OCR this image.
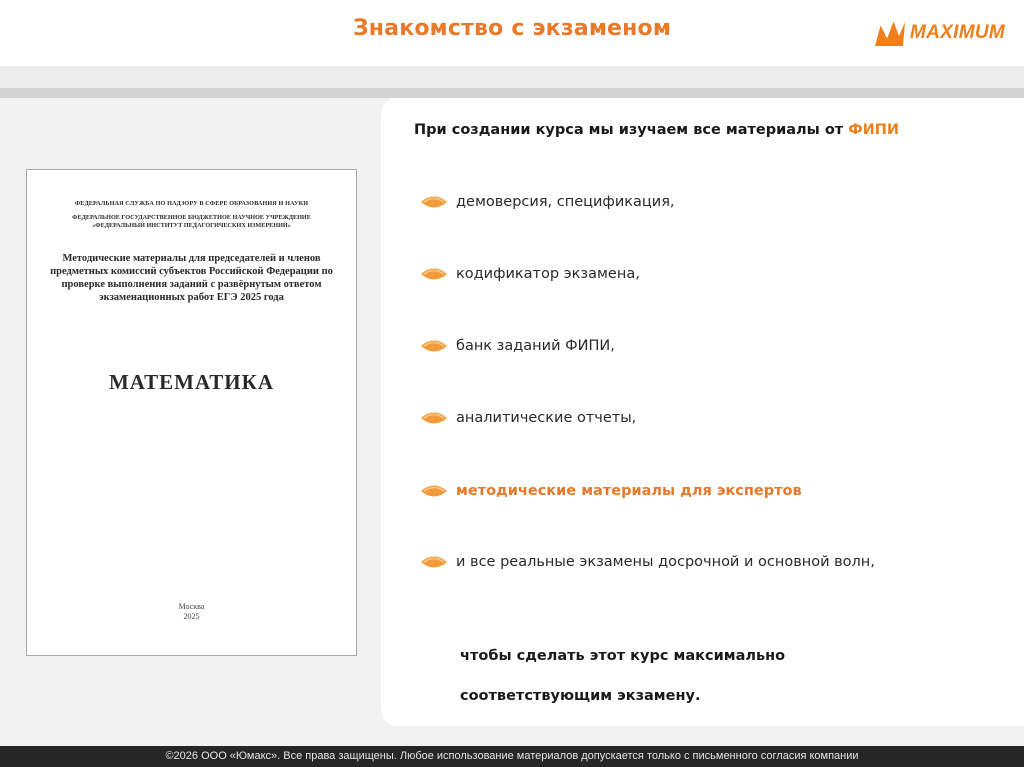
Знакомство с экзаменом	MAXIMUM
ФЕДЕРАЛЬНАЯ СЛУЖБА ПО НАДЗОРУ В СФЕРЕ ОБРАЗОВАНИЯ И НАУКИ
ФЕДЕРАЛЬНОЕ ГОСУДАРСТВЕННОЕ БЮДЖЕТНОЕ НАУЧНОЕ УЧРЕЖДЕНИЕ
«ФЕДЕРАЛЬНЫЙ ИНСТИТУТ ПЕДАГОГИЧЕСКИХ ИЗМЕРЕНИЙ»
Методические материалы для председателей и членов предметных комиссий субъектов Российской Федерации по проверке выполнения заданий с развёрнутым ответом экзаменационных работ ЕГЭ 2025 года
МАТЕМАТИКА
Москва
2025
При создании курса мы изучаем все материалы от ФИПИ
демоверсия, спецификация,
кодификатор экзамена,
банк заданий ФИПИ,
аналитические отчеты,
методические материалы для экспертов
и все реальные экзамены досрочной и основной волн,
чтобы сделать этот курс максимально
соответствующим экзамену.
©2026 ООО «Юмакс». Все права защищены. Любое использование материалов допускается только с письменного согласия компании
